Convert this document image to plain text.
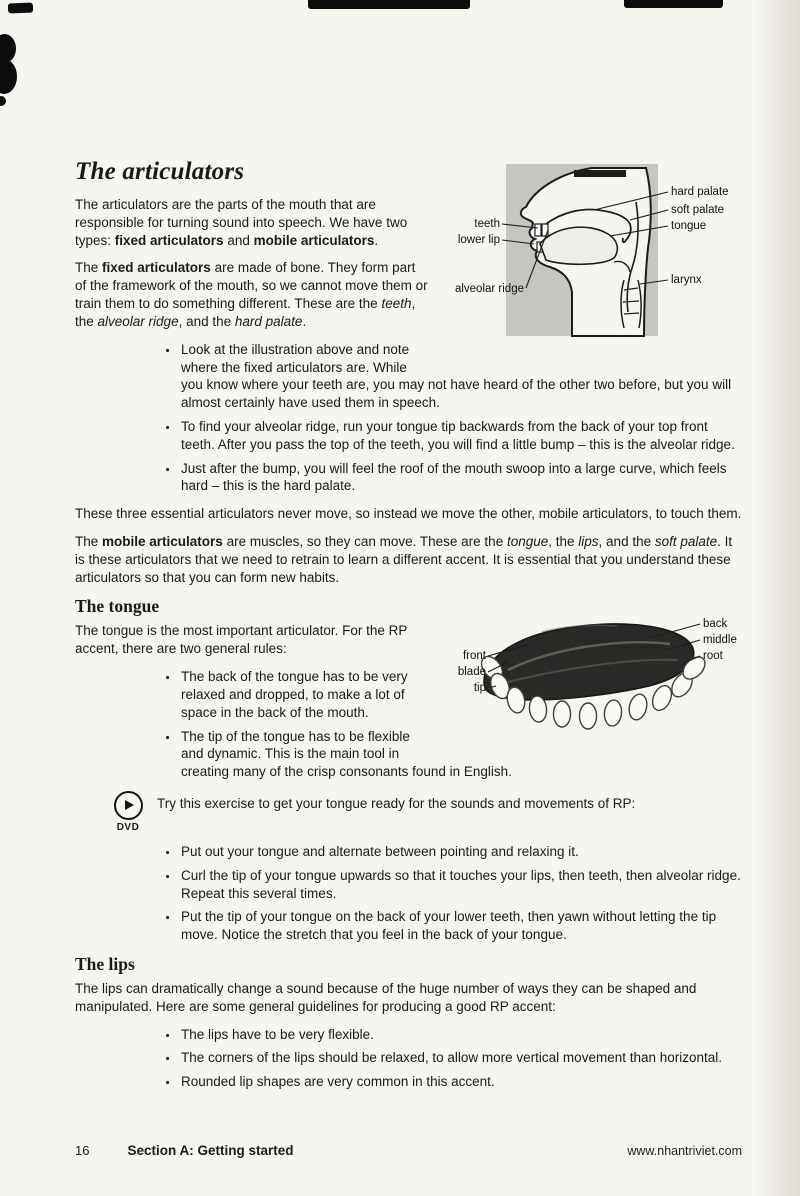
teeth
lower lip
alveolar ridge
hard palate
soft palate
tongue
larynx
The articulators

The articulators are the parts of the mouth that are responsible for turning sound into speech. We have two types: fixed articulators and mobile articulators.

The fixed articulators are made of bone. They form part of the framework of the mouth, so we cannot move them or train them to do something different. These are the teeth, the alveolar ridge, and the hard palate.

• Look at the illustration above and note where the fixed articulators are. While you know where your teeth are, you may not have heard of the other two before, but you will almost certainly have used them in speech.
• To find your alveolar ridge, run your tongue tip backwards from the back of your top front teeth. After you pass the top of the teeth, you will find a little bump – this is the alveolar ridge.
• Just after the bump, you will feel the roof of the mouth swoop into a large curve, which feels hard – this is the hard palate.

These three essential articulators never move, so instead we move the other, mobile articulators, to touch them.

The mobile articulators are muscles, so they can move. These are the tongue, the lips, and the soft palate. It is these articulators that we need to retrain to learn a different accent. It is essential that you understand these articulators so that you can form new habits.

front
blade
tip
back
middle
root
The tongue

The tongue is the most important articulator. For the RP accent, there are two general rules:

• The back of the tongue has to be very relaxed and dropped, to make a lot of space in the back of the mouth.
• The tip of the tongue has to be flexible and dynamic. This is the main tool in creating many of the crisp consonants found in English.
DVD

Try this exercise to get your tongue ready for the sounds and movements of RP:

• Put out your tongue and alternate between pointing and relaxing it.
• Curl the tip of your tongue upwards so that it touches your lips, then teeth, then alveolar ridge. Repeat this several times.
• Put the tip of your tongue on the back of your lower teeth, then yawn without letting the tip move. Notice the stretch that you feel in the back of your tongue.
The lips

The lips can dramatically change a sound because of the huge number of ways they can be shaped and manipulated. Here are some general guidelines for producing a good RP accent:

• The lips have to be very flexible.
• The corners of the lips should be relaxed, to allow more vertical movement than horizontal.
• Rounded lip shapes are very common in this accent.
16	Section A: Getting started	www.nhantriviet.com
